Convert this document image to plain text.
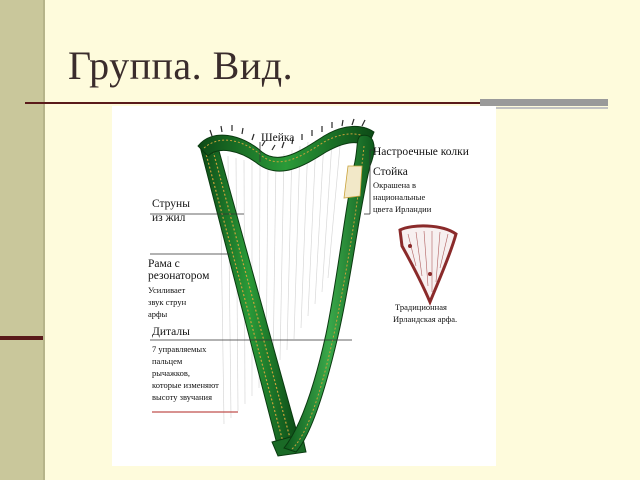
Группа. Вид.
Шейка
Настроечные колки
Стойка
Окрашена в
национальные
цвета Ирландии
Струны
из жил
Рама с
резонатором
Усиливает
звук струн
арфы
Диталы
7 управляемых
пальцем
рычажков,
которые изменяют
высоту звучания
Традиционная
Ирландская арфа.
